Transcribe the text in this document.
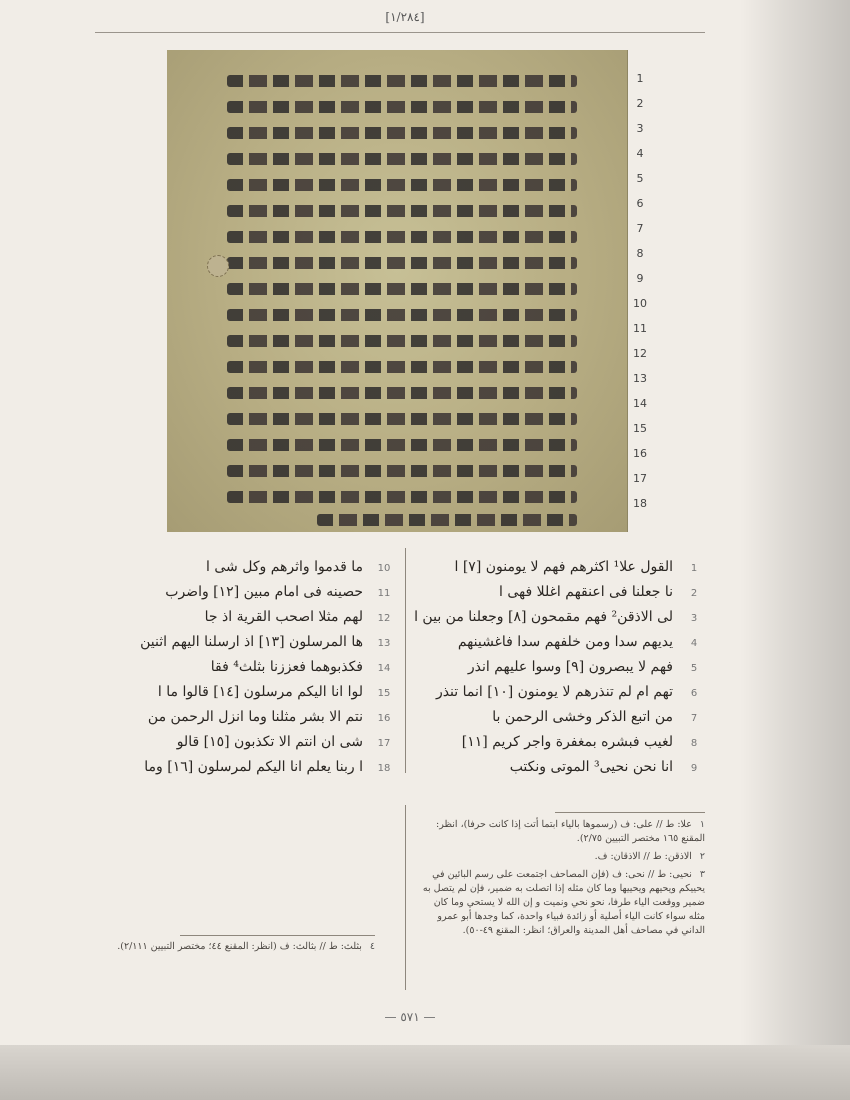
[١/٢٨٤]
1
2
3
4
5
6
7
8
9
10
11
12
13
14
15
16
17
18
1القول علا¹ اكثرهم فهم لا يومنون [٧] ا
2نا جعلنا فى اعنقهم اغللا فهى ا
3لى الاذقن² فهم مقمحون [٨] وجعلنا من بين ا
4يديهم سدا ومن خلفهم سدا فاغشينهم
5فهم لا يبصرون [٩] وسوا عليهم انذر
6تهم ام لم تنذرهم لا يومنون [١٠] انما تنذر
7من اتبع الذكر وخشى الرحمن با
8لغيب فبشره بمغفرة واجر كريم [١١]
9انا نحن نحيى³ الموتى ونكتب
10ما قدموا واثرهم وكل شى ا
11حصينه فى امام مبين [١٢] واضرب
12لهم مثلا اصحب القرية اذ جا
13ها المرسلون [١٣] اذ ارسلنا اليهم اثنين
14فكذبوهما فعززنا بثلث⁴ فقا
15لوا انا اليكم مرسلون [١٤] قالوا ما ا
16نتم الا بشر مثلنا وما انزل الرحمن من
17شى ان انتم الا تكذبون [١٥] قالو
18ا ربنا يعلم انا اليكم لمرسلون [١٦] وما
١علا: ط // على: ف (رسموها بالياء ابتما أتت إذا كانت حرفا)، انظر: المقنع ١٦٥ مختصر التبيين ٢/٧٥).
٢الاذقن: ط // الاذقان: ف.
٣نحيى: ط // نحى: ف (فإن المصاحف اجتمعت على رسم البائين في يحييكم ويحيهم ويحييها وما كان مثله إذا اتصلت به ضمير، فإن لم يتصل به ضمير ووقعت الياء طرفا، نحو نحي ونميت و إن الله لا يستحي وما كان مثله سواء كانت الياء أصلية أو زائدة فبياء واحدة، كما وجدها أبو عمرو الداني في مصاحف أهل المدينة والعراق؛ انظر: المقنع ٤٩-٥٠).
٤بثلث: ط // بثالث: ف (انظر: المقنع ٤٤؛ مختصر التبيين ٢/١١١).
— ٥٧١ —
